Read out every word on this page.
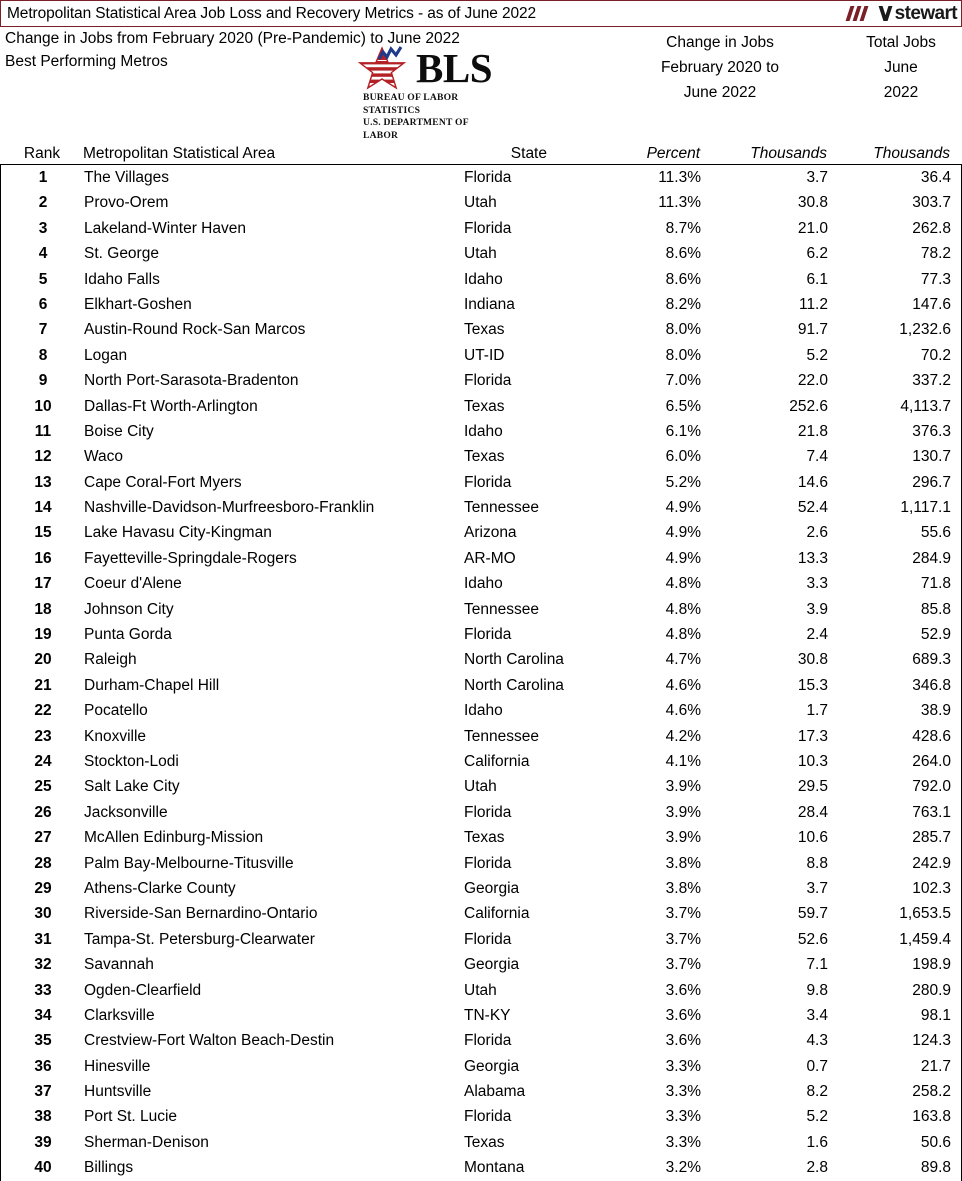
Metropolitan Statistical Area Job Loss and Recovery Metrics - as of June 2022	stewart
Change in Jobs from February 2020 (Pre-Pandemic) to June 2022
Best Performing Metros	BLS
BUREAU OF LABOR STATISTICS
U.S. DEPARTMENT OF LABOR
Change in Jobs
February 2020 to
June 2022
Total Jobs
June
2022
Rank	Metropolitan Statistical Area	State	Percent	Thousands	Thousands
1	The Villages	Florida	11.3%	3.7	36.4
2	Provo-Orem	Utah	11.3%	30.8	303.7
3	Lakeland-Winter Haven	Florida	8.7%	21.0	262.8
4	St. George	Utah	8.6%	6.2	78.2
5	Idaho Falls	Idaho	8.6%	6.1	77.3
6	Elkhart-Goshen	Indiana	8.2%	11.2	147.6
7	Austin-Round Rock-San Marcos	Texas	8.0%	91.7	1,232.6
8	Logan	UT-ID	8.0%	5.2	70.2
9	North Port-Sarasota-Bradenton	Florida	7.0%	22.0	337.2
10	Dallas-Ft Worth-Arlington	Texas	6.5%	252.6	4,113.7
11	Boise City	Idaho	6.1%	21.8	376.3
12	Waco	Texas	6.0%	7.4	130.7
13	Cape Coral-Fort Myers	Florida	5.2%	14.6	296.7
14	Nashville-Davidson-Murfreesboro-Franklin	Tennessee	4.9%	52.4	1,117.1
15	Lake Havasu City-Kingman	Arizona	4.9%	2.6	55.6
16	Fayetteville-Springdale-Rogers	AR-MO	4.9%	13.3	284.9
17	Coeur d'Alene	Idaho	4.8%	3.3	71.8
18	Johnson City	Tennessee	4.8%	3.9	85.8
19	Punta Gorda	Florida	4.8%	2.4	52.9
20	Raleigh	North Carolina	4.7%	30.8	689.3
21	Durham-Chapel Hill	North Carolina	4.6%	15.3	346.8
22	Pocatello	Idaho	4.6%	1.7	38.9
23	Knoxville	Tennessee	4.2%	17.3	428.6
24	Stockton-Lodi	California	4.1%	10.3	264.0
25	Salt Lake City	Utah	3.9%	29.5	792.0
26	Jacksonville	Florida	3.9%	28.4	763.1
27	McAllen Edinburg-Mission	Texas	3.9%	10.6	285.7
28	Palm Bay-Melbourne-Titusville	Florida	3.8%	8.8	242.9
29	Athens-Clarke County	Georgia	3.8%	3.7	102.3
30	Riverside-San Bernardino-Ontario	California	3.7%	59.7	1,653.5
31	Tampa-St. Petersburg-Clearwater	Florida	3.7%	52.6	1,459.4
32	Savannah	Georgia	3.7%	7.1	198.9
33	Ogden-Clearfield	Utah	3.6%	9.8	280.9
34	Clarksville	TN-KY	3.6%	3.4	98.1
35	Crestview-Fort Walton Beach-Destin	Florida	3.6%	4.3	124.3
36	Hinesville	Georgia	3.3%	0.7	21.7
37	Huntsville	Alabama	3.3%	8.2	258.2
38	Port St. Lucie	Florida	3.3%	5.2	163.8
39	Sherman-Denison	Texas	3.3%	1.6	50.6
40	Billings	Montana	3.2%	2.8	89.8
